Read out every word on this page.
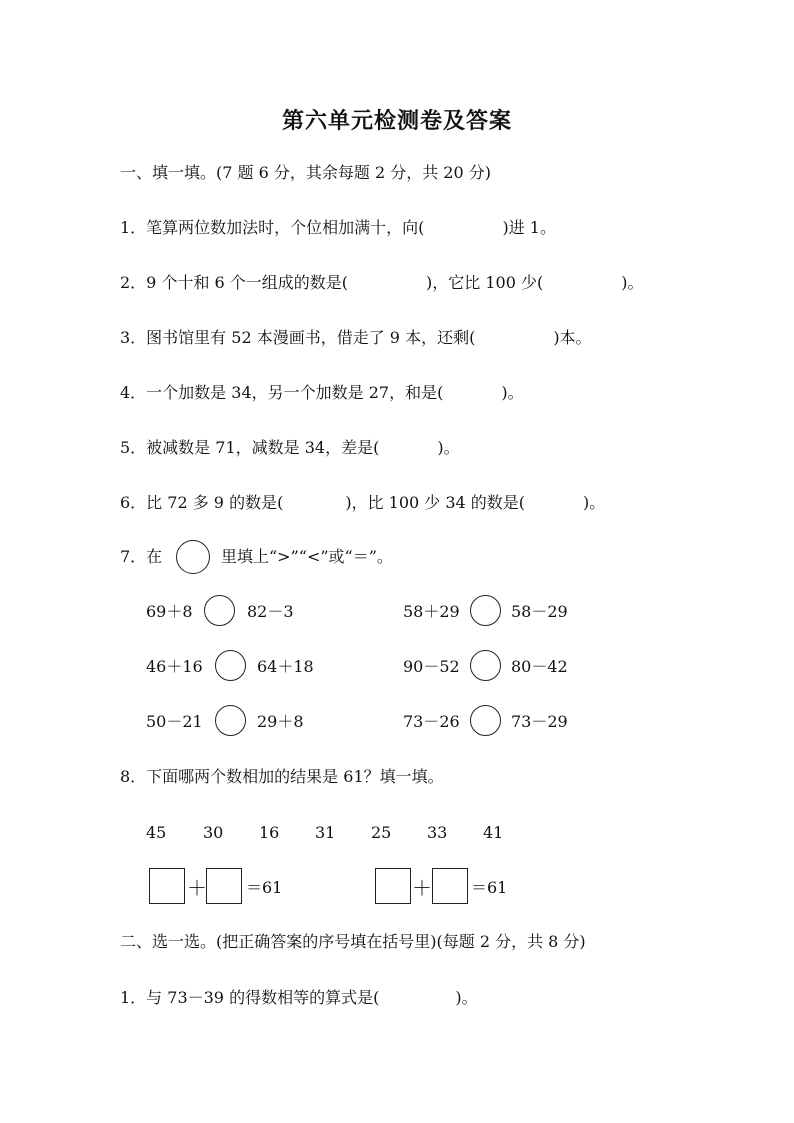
第六单元检测卷及答案
一、填一填。(7 题 6 分，其余每题 2 分，共 20 分)
1．笔算两位数加法时，个位相加满十，向(	)进 1。
2．9 个十和 6 个一组成的数是(	)，它比 100 少(	)。
3．图书馆里有 52 本漫画书，借走了 9 本，还剩(	)本。
4．一个加数是 34，另一个加数是 27，和是(	)。
5．被减数是 71，减数是 34，差是(	)。
6．比 72 多 9 的数是(	)，比 100 少 34 的数是(	)。
7．在	里填上“>”“<”或“＝”。
69＋8	82－3
46＋16	64＋18
50－21	29＋8
58＋29	58－29
90－52	80－42
73－26	73－29
8．下面哪两个数相加的结果是 61？填一填。
45 30 16 31 25 33 41
＋ ＝61	＋ ＝61
二、选一选。(把正确答案的序号填在括号里)(每题 2 分，共 8 分)
1．与 73－39 的得数相等的算式是(	)。
